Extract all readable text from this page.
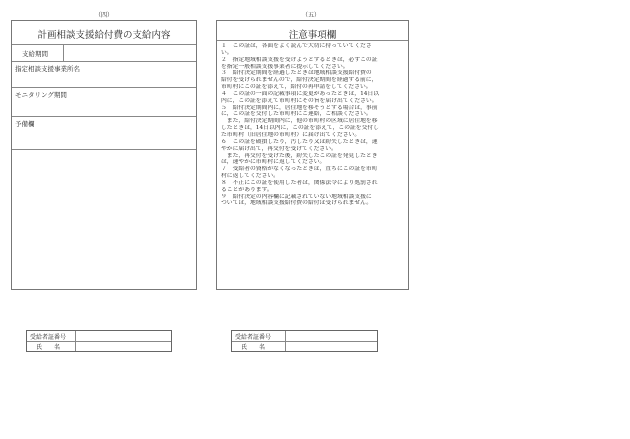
（四）
計画相談支援給付費の支給内容
支給期間
指定相談支援事業所名
モニタリング期間
予備欄
（五）
注意事項欄
１　この証は，各面をよく読んで大切に持っていてくださ
い。
２　指定地域相談支援を受けようとするときは，必ずこの証
を指定一般相談支援事業者に提示してください。
３　給付決定期間を経過したときは地域相談支援給付費の
給付を受けられませんので，給付決定期間を経過する前に，
市町村にこの証を添えて，給付の再申請をしてください。
４　この証の一面の記載事項に変更があったときは，14日以
内に，この証を添えて市町村にその旨を届け出てください。
５　給付決定期間内に，居住地を移そうとする場合は，事前
に，この証を交付した市町村にご連絡，ご相談ください。
　また，給付決定期間内に，他の市町村の区域に居住地を移
したときは，14日以内に，この証を添えて，この証を交付し
た市町村（旧居住地の市町村）に届け出てください。
６　この証を破損したり，汚したり又は紛失したときは，速
やかに届け出て，再交付を受けてください。
　また，再交付を受けた後，紛失したこの証を発見したとき
は，速やかに市町村に返してください。
７　受給者の資格がなくなったときは，直ちにこの証を市町
村に返してください。
８　不正にこの証を使用した者は，関係法令により処罰され
ることがあります。
９　給付決定の内容欄に記載されていない地域相談支援に
ついては，地域相談支援給付費の給付は受けられません。
受給者証番号
氏　　名
受給者証番号
氏　　名
